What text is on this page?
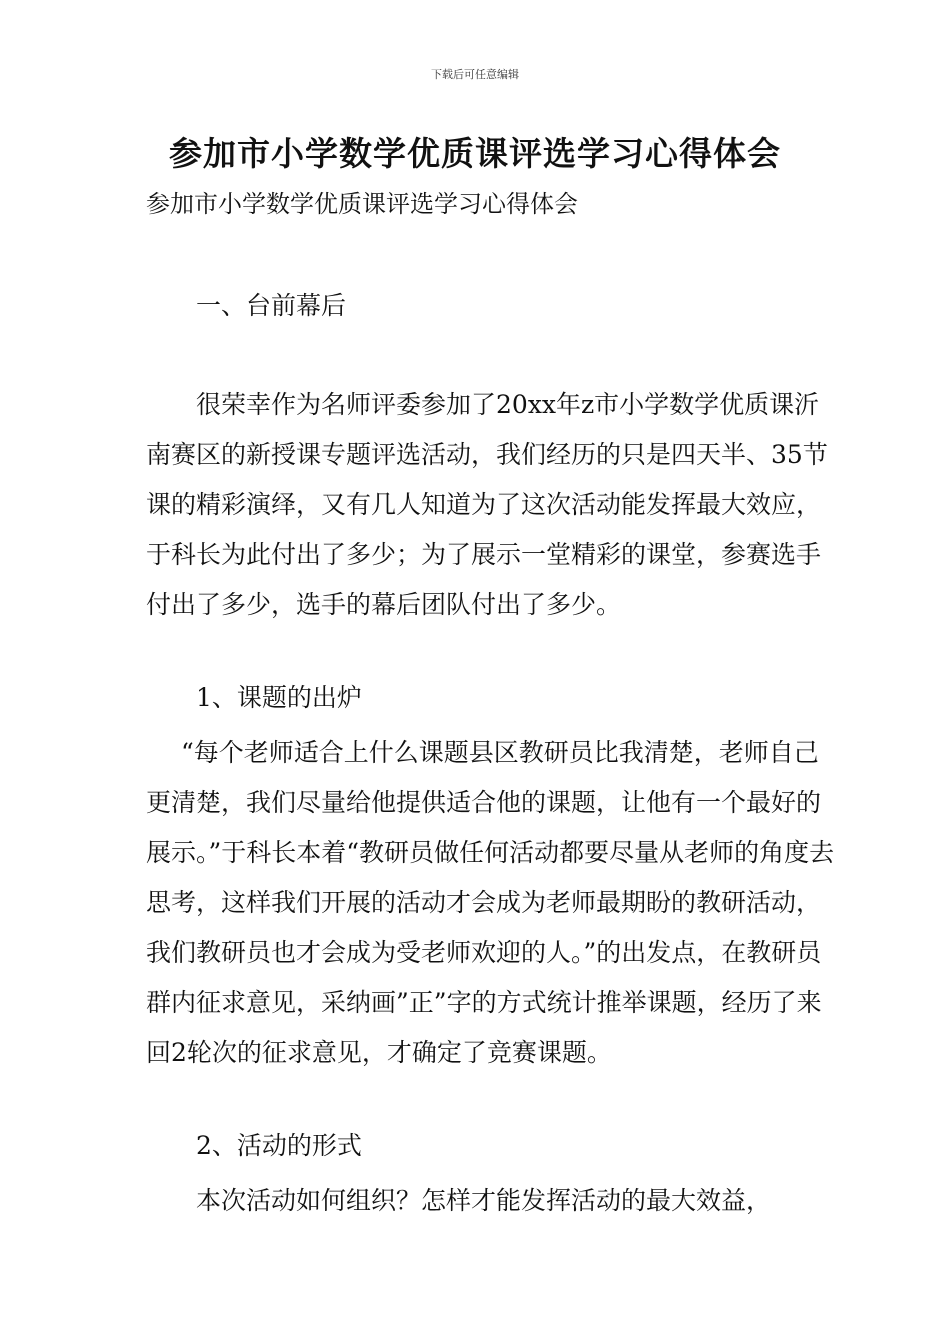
下载后可任意编辑
参加市小学数学优质课评选学习心得体会
参加市小学数学优质课评选学习心得体会
一、台前幕后

很荣幸作为名师评委参加了20xx年z市小学数学优质课沂南赛区的新授课专题评选活动，我们经历的只是四天半、35节课的精彩演绎，又有几人知道为了这次活动能发挥最大效应，于科长为此付出了多少；为了展示一堂精彩的课堂，参赛选手付出了多少，选手的幕后团队付出了多少。

1、课题的出炉

“每个老师适合上什么课题县区教研员比我清楚，老师自己更清楚，我们尽量给他提供适合他的课题，让他有一个最好的展示。”于科长本着“教研员做任何活动都要尽量从老师的角度去思考，这样我们开展的活动才会成为老师最期盼的教研活动，我们教研员也才会成为受老师欢迎的人。”的出发点，在教研员群内征求意见，采纳画”正”字的方式统计推举课题，经历了来回2轮次的征求意见，才确定了竞赛课题。

2、活动的形式

本次活动如何组织？怎样才能发挥活动的最大效益，
